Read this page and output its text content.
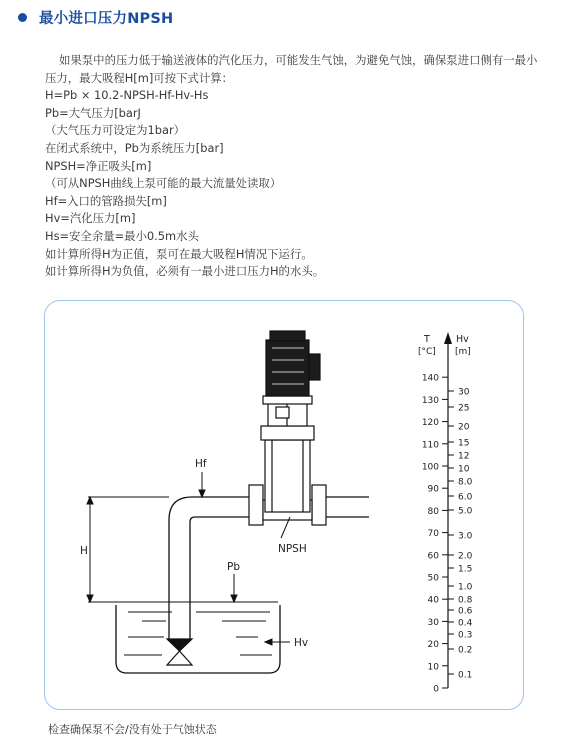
最小进口压力NPSH
如果泵中的压力低于输送液体的汽化压力，可能发生气蚀，为避免气蚀，确保泵进口侧有一最小
压力，最大吸程H[m]可按下式计算：
H=Pb × 10.2-NPSH-Hf-Hv-Hs
Pb=大气压力[barJ
（大气压力可设定为1bar）
在闭式系统中，Pb为系统压力[bar]
NPSH=净正吸头[m]
（可从NPSH曲线上泵可能的最大流量处读取）
Hf=入口的管路损失[m]
Hv=汽化压力[m]
Hs=安全余量=最小0.5m水头
如计算所得H为正值，泵可在最大吸程H情况下运行。
如计算所得H为负值，必须有一最小进口压力H的水头。
Hf
H
Pb
Hv
NPSH
T
[°C]
Hv
[m]
0
10
20
30
40
50
60
70
80
90
100
110
120
130
140
0.1
0.2
0.3
0.4
0.6
0.8
1.0
1.5
2.0
3.0
5.0
6.0
8.0
10
12
15
20
25
30
检查确保泵不会/没有处于气蚀状态
